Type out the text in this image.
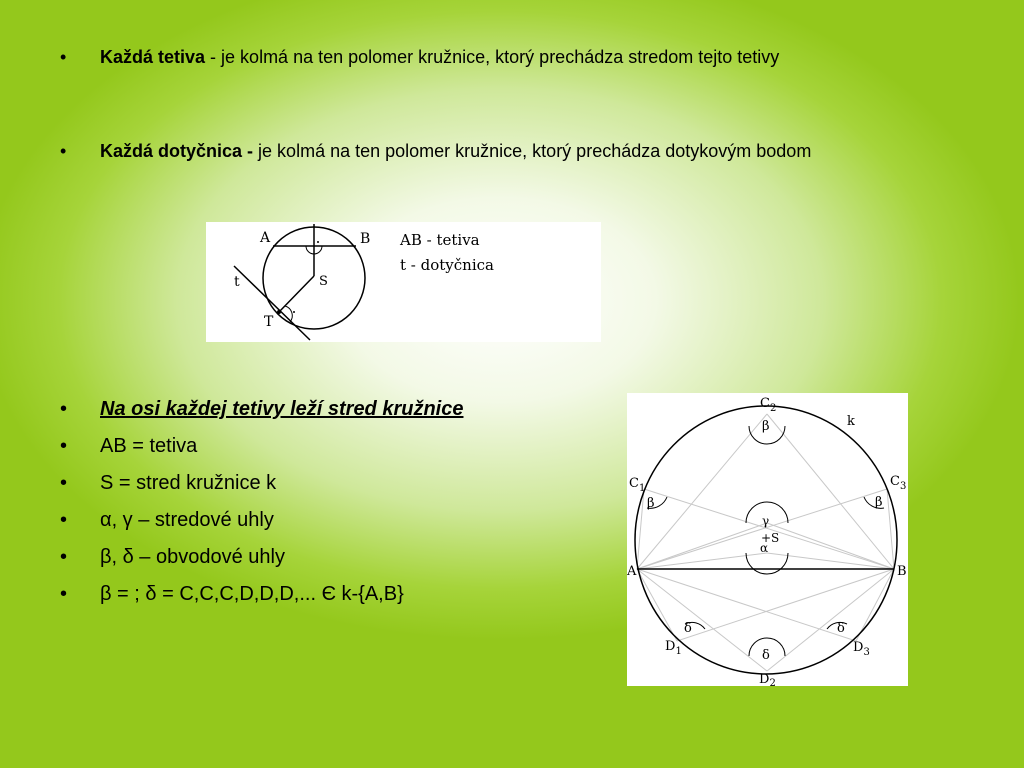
• Každá tetiva - je kolmá na ten polomer kružnice, ktorý prechádza stredom tejto tetivy
• Každá dotyčnica - je kolmá na ten polomer kružnice, ktorý prechádza dotykovým bodom
A	B
S
T
t
AB - tetiva
t - dotyčnica
• Na osi každej tetivy leží stred kružnice
• AB = tetiva
• S = stred kružnice k
• α, γ – stredové uhly
• β, δ – obvodové uhly
• β = ; δ = C,C,C,D,D,D,... Є k-{A,B}
$C_2$
$C_1$	$C_3$
$D_1$
$D_2$
$D_3$
A	B
k
+S
β
β	β
γ
α
δ
δ
δ
